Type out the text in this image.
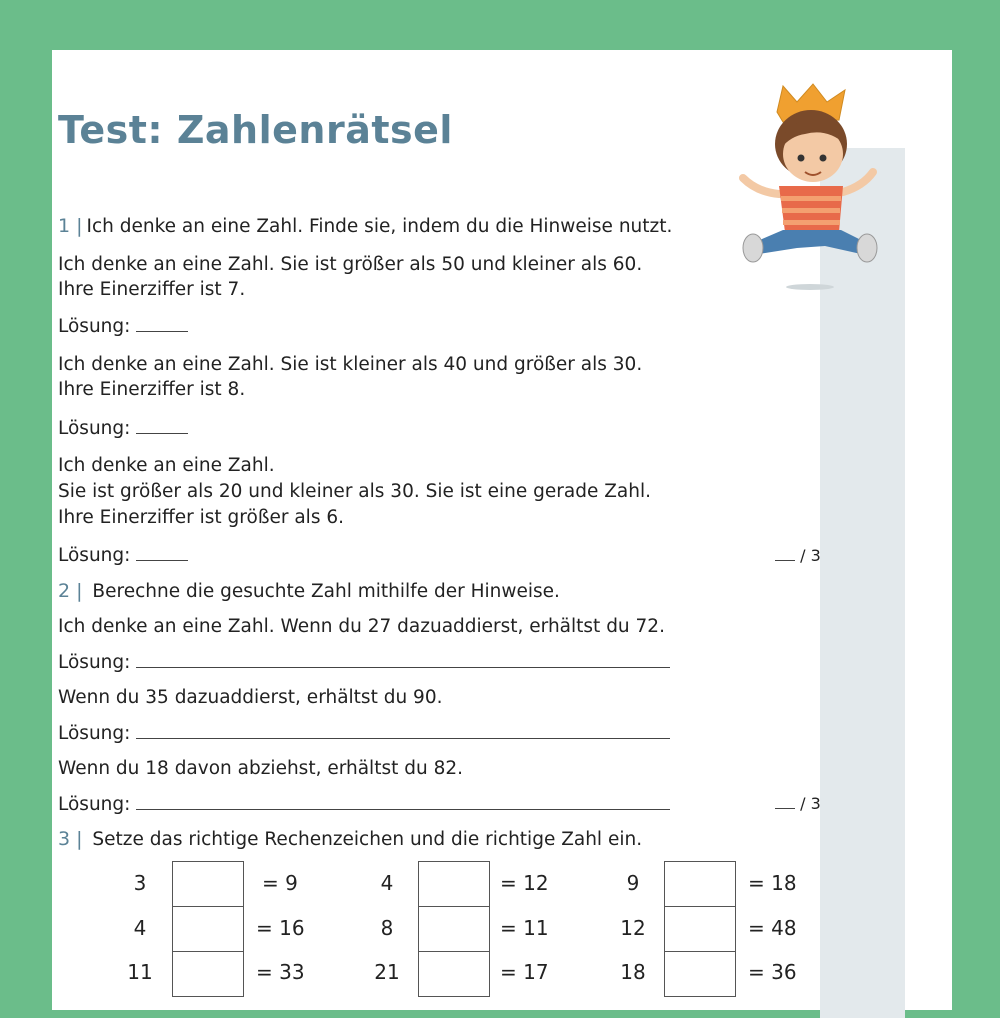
Test: Zahlenrätsel
1 | Ich denke an eine Zahl. Finde sie, indem du die Hinweise nutzt.
Ich denke an eine Zahl. Sie ist größer als 50 und kleiner als 60.
Ihre Einerziffer ist 7.
Lösung:
Ich denke an eine Zahl. Sie ist kleiner als 40 und größer als 30.
Ihre Einerziffer ist 8.
Lösung:
Ich denke an eine Zahl.
Sie ist größer als 20 und kleiner als 30. Sie ist eine gerade Zahl.
Ihre Einerziffer ist größer als 6.
Lösung:	/ 3
2 | Berechne die gesuchte Zahl mithilfe der Hinweise.
Ich denke an eine Zahl. Wenn du 27 dazuaddierst, erhältst du 72.
Lösung:
Wenn du 35 dazuaddierst, erhältst du 90.
Lösung:
Wenn du 18 davon abziehst, erhältst du 82.
Lösung:	/ 3
3 | Setze das richtige Rechenzeichen und die richtige Zahl ein.
3	= 9	4	= 12	9	= 18
4	= 16	8	= 11	12	= 48
11	= 33	21	= 17	18	= 36
